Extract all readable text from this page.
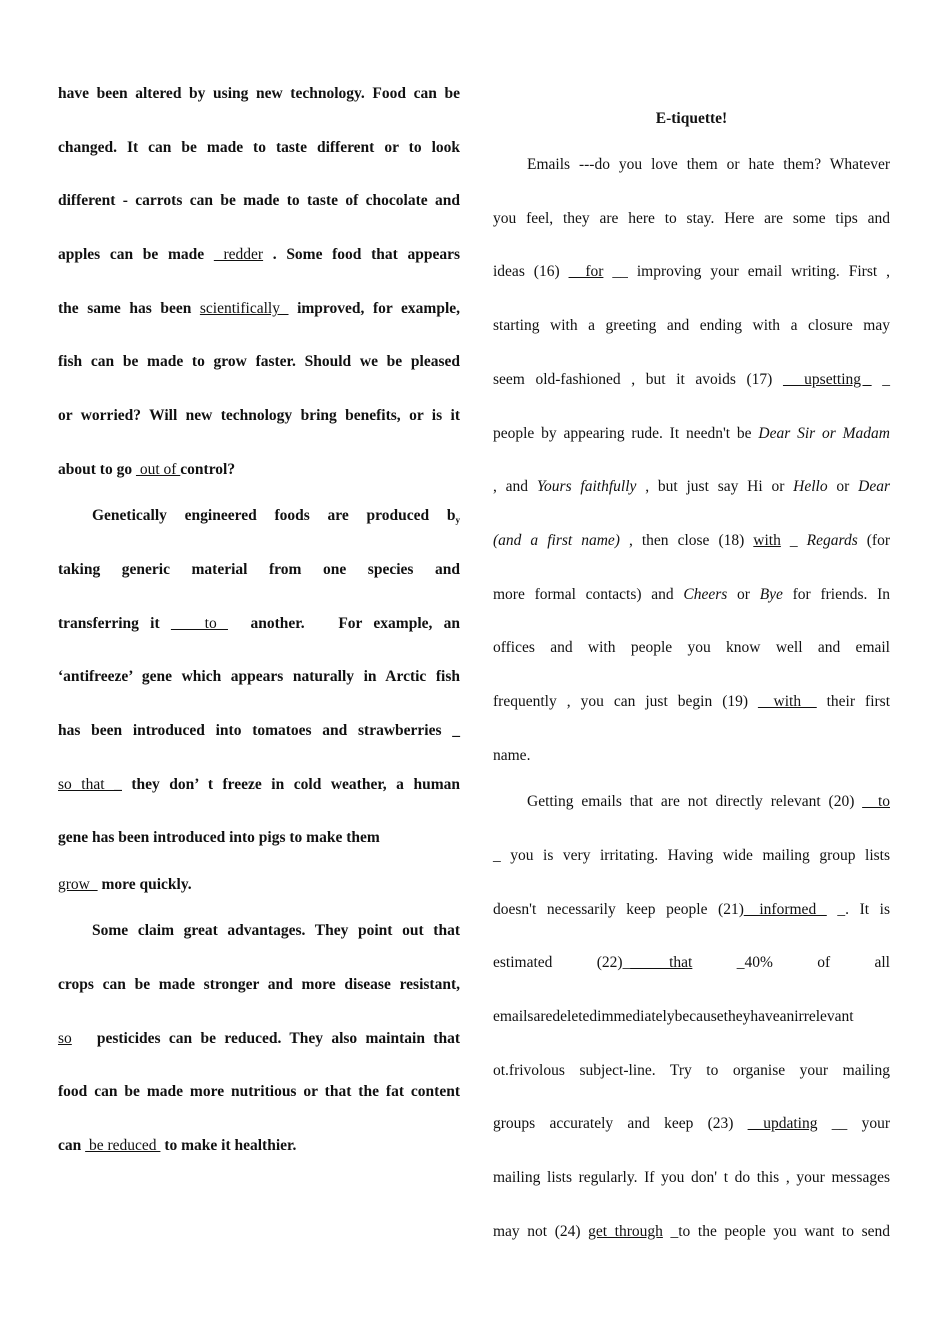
have been altered by using new technology. Food can be
changed. It can be made to taste different or to look
different - carrots can be made to taste of chocolate and
apples can be made  redder . Some food that appears
the same has been scientifically  improved, for example,
fish can be made to grow faster. Should we be pleased
or worried? Will new technology bring benefits, or is it
about to go  out of control?
Genetically engineered foods are produced $b_y$
taking generic material from one species and
transferring it    to   another.   For example, an
‘antifreeze’ gene which appears naturally in Arctic fish
has been introduced into tomatoes and strawberries _
so that _ they don’ t freeze in cold weather, a human
gene has been introduced into pigs to make them
grow   more quickly.
Some claim great advantages. They point out that
crops can be made stronger and more disease resistant,
so   pesticides can be reduced. They also maintain that
food can be made more nutritious or that the fat content
can  be reduced  to make it healthier.
E-tiquette!
Emails ---do you love them or hate them? Whatever
you feel, they are here to stay. Here are some tips and
ideas (16) _ for __ improving your email writing. First ,
starting with a greeting and ending with a closure may
seem old-fashioned , but it avoids (17)   upsetting  _
people by appearing rude. It needn't be Dear Sir or Madam
, and Yours faithfully , but just say Hi or Hello or Dear
(and a first name) , then close (18) with _ Regards (for
more formal contacts) and Cheers or Bye for friends. In
offices and with people you know well and email
frequently , you can just begin (19) __with__ their first
name.
Getting emails that are not directly relevant (20) _ to
_ you is very irritating. Having wide mailing group lists
doesn't necessarily keep people (21)__informed  _. It is
estimated (22)______that _40% of all
emailsaredeletedimmediatelybecausetheyhaveanirrelevant
ot.frivolous subject-line. Try to organise your mailing
groups accurately and keep (23) __updating __ your
mailing lists regularly. If you don' t do this , your messages
may not (24) get through _to the people you want to send
